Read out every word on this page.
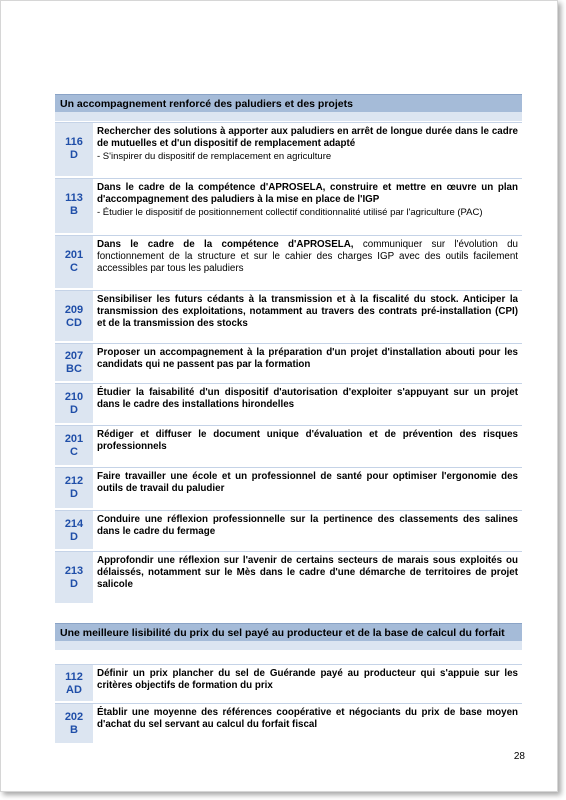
Un accompagnement renforcé des paludiers et des projets
116
D
Rechercher des solutions à apporter aux paludiers en arrêt de longue durée dans le cadre de mutuelles et d'un dispositif de remplacement adapté
- S'inspirer du dispositif de remplacement en agriculture
113
B
Dans le cadre de la compétence d'APROSELA, construire et mettre en œuvre un plan d'accompagnement des paludiers à la mise en place de l'IGP
- Étudier le dispositif de positionnement collectif conditionnalité utilisé par l'agriculture (PAC)
201
C
Dans le cadre de la compétence d'APROSELA, communiquer sur l'évolution du fonctionnement de la structure et sur le cahier des charges IGP avec des outils facilement accessibles par tous les paludiers
209
CD
Sensibiliser les futurs cédants à la transmission et à la fiscalité du stock. Anticiper la transmission des exploitations, notamment au travers des contrats pré-installation (CPI) et de la transmission des stocks
207
BC
Proposer un accompagnement à la préparation d'un projet d'installation abouti pour les candidats qui ne passent pas par la formation
210
D
Étudier la faisabilité d'un dispositif d'autorisation d'exploiter s'appuyant sur un projet dans le cadre des installations hirondelles
201
C
Rédiger et diffuser le document unique d'évaluation et de prévention des risques professionnels
212
D
Faire travailler une école et un professionnel de santé pour optimiser l'ergonomie des outils de travail du paludier
214
D
Conduire une réflexion professionnelle sur la pertinence des classements des salines dans le cadre du fermage
213
D
Approfondir une réflexion sur l'avenir de certains secteurs de marais sous exploités ou délaissés, notamment sur le Mès dans le cadre d'une démarche de territoires de projet salicole
Une meilleure lisibilité du prix du sel payé au producteur et de la base de calcul du forfait
112
AD
Définir un prix plancher du sel de Guérande payé au producteur qui s'appuie sur les critères objectifs de formation du prix
202
B
Établir une moyenne des références coopérative et négociants du prix de base moyen d'achat du sel servant au calcul du forfait fiscal
28
